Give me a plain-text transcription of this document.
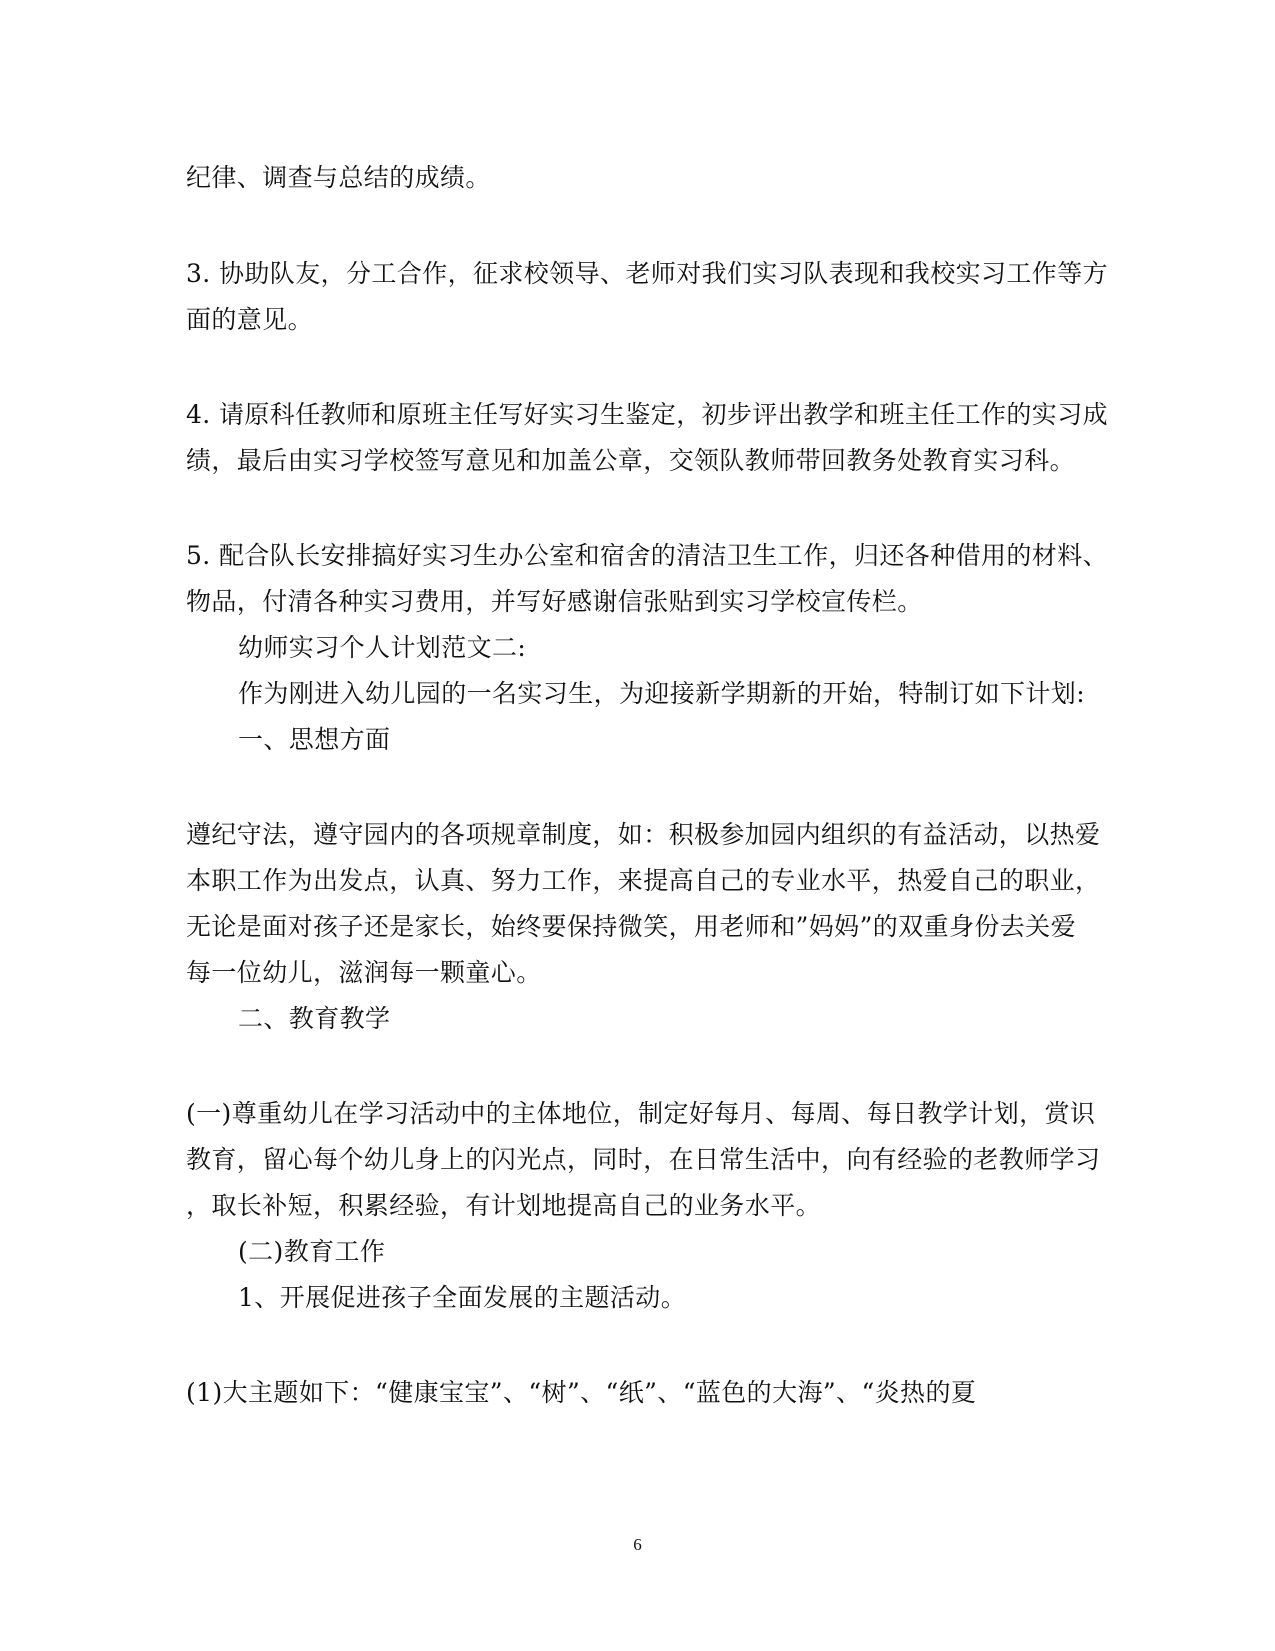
纪律、调查与总结的成绩。
3. 协助队友，分工合作，征求校领导、老师对我们实习队表现和我校实习工作等方
面的意见。
4. 请原科任教师和原班主任写好实习生鉴定，初步评出教学和班主任工作的实习成
绩，最后由实习学校签写意见和加盖公章，交领队教师带回教务处教育实习科。
5. 配合队长安排搞好实习生办公室和宿舍的清洁卫生工作，归还各种借用的材料、
物品，付清各种实习费用，并写好感谢信张贴到实习学校宣传栏。
幼师实习个人计划范文二:
作为刚进入幼儿园的一名实习生，为迎接新学期新的开始，特制订如下计划:
一、思想方面
遵纪守法，遵守园内的各项规章制度，如：积极参加园内组织的有益活动，以热爱
本职工作为出发点，认真、努力工作，来提高自己的专业水平，热爱自己的职业，
无论是面对孩子还是家长，始终要保持微笑，用老师和”妈妈”的双重身份去关爱
每一位幼儿，滋润每一颗童心。
二、教育教学
(一)尊重幼儿在学习活动中的主体地位，制定好每月、每周、每日教学计划，赏识
教育，留心每个幼儿身上的闪光点，同时，在日常生活中，向有经验的老教师学习
，取长补短，积累经验，有计划地提高自己的业务水平。
(二)教育工作
1、开展促进孩子全面发展的主题活动。
(1)大主题如下：“健康宝宝”、“树”、“纸”、“蓝色的大海”、“炎热的夏
6
